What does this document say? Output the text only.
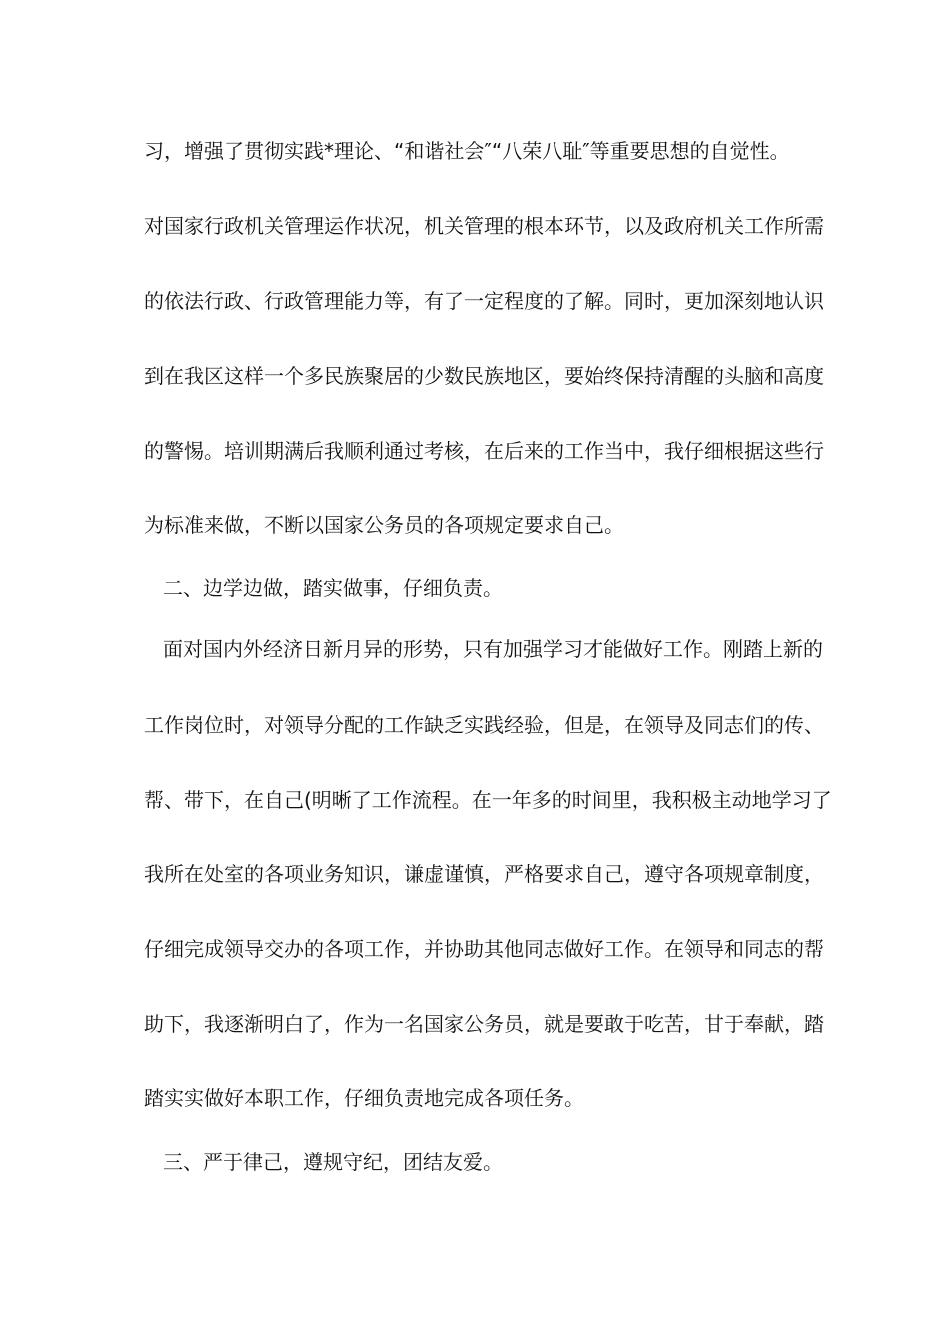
习，增强了贯彻实践*理论、“和谐社会″“八荣八耻″等重要思想的自觉性。
对国家行政机关管理运作状况，机关管理的根本环节，以及政府机关工作所需
的依法行政、行政管理能力等，有了一定程度的了解。同时，更加深刻地认识
到在我区这样一个多民族聚居的少数民族地区，要始终保持清醒的头脑和高度
的警惕。培训期满后我顺利通过考核，在后来的工作当中，我仔细根据这些行
为标准来做，不断以国家公务员的各项规定要求自己。
二、边学边做，踏实做事，仔细负责。
面对国内外经济日新月异的形势，只有加强学习才能做好工作。刚踏上新的
工作岗位时，对领导分配的工作缺乏实践经验，但是，在领导及同志们的传、
帮、带下，在自己(明晰了工作流程。在一年多的时间里，我积极主动地学习了
我所在处室的各项业务知识，谦虚谨慎，严格要求自己，遵守各项规章制度，
仔细完成领导交办的各项工作，并协助其他同志做好工作。在领导和同志的帮
助下，我逐渐明白了，作为一名国家公务员，就是要敢于吃苦，甘于奉献，踏
踏实实做好本职工作，仔细负责地完成各项任务。
三、严于律己，遵规守纪，团结友爱。
